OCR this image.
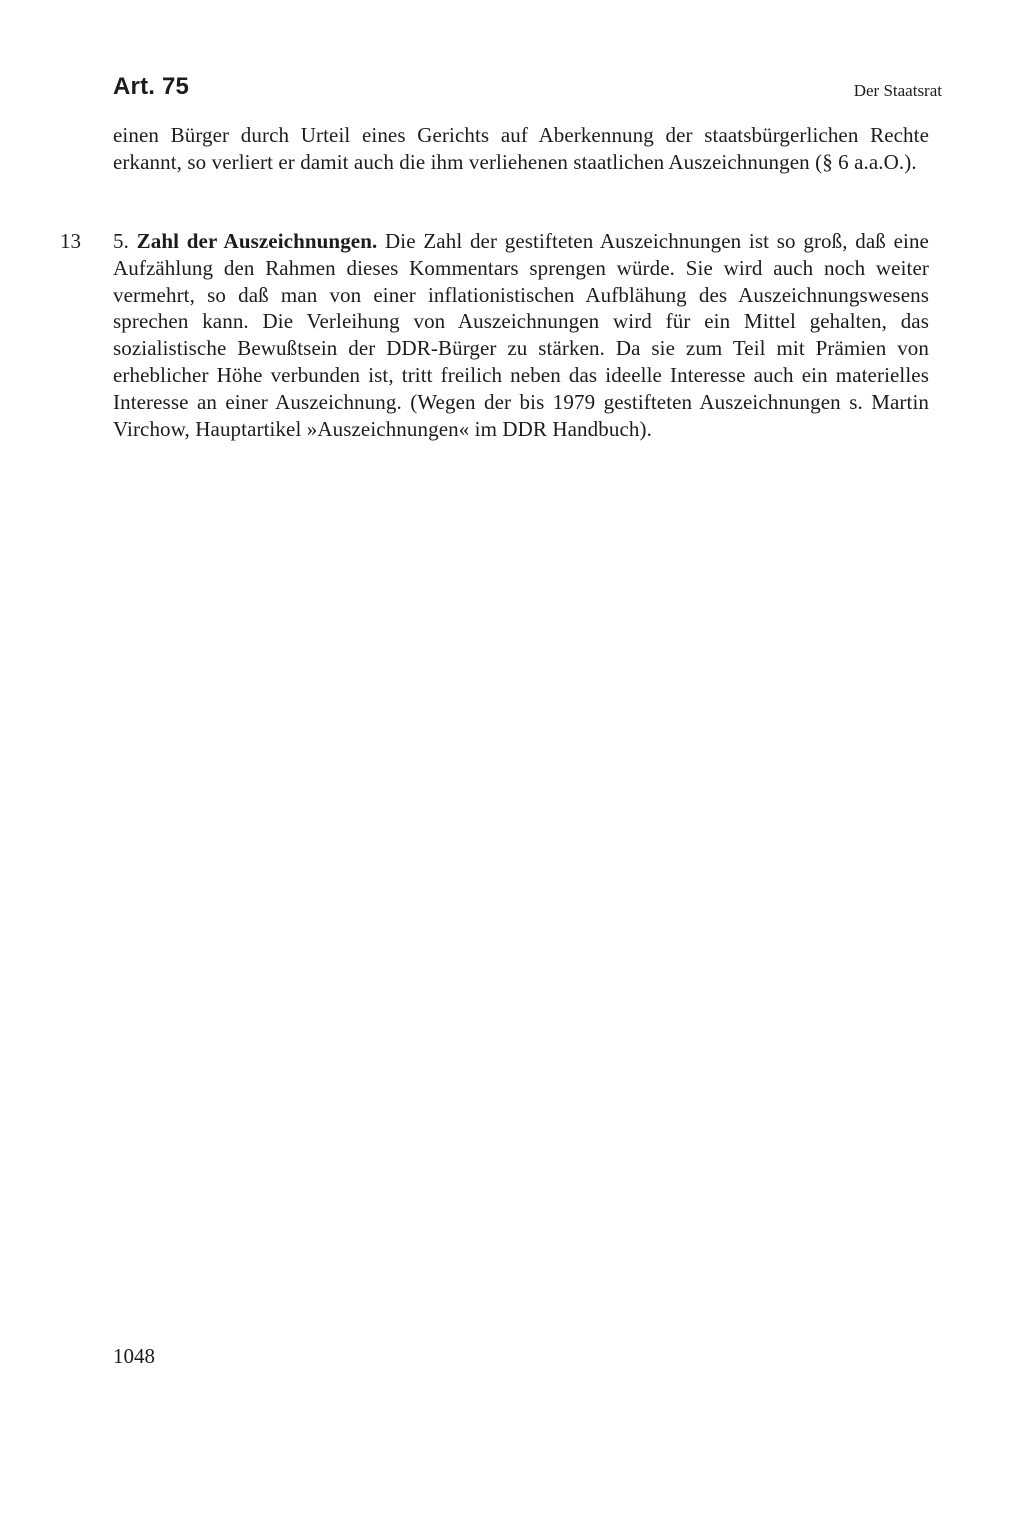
Art. 75	Der Staatsrat

einen Bürger durch Urteil eines Gerichts auf Aberkennung der staatsbürgerlichen Rechte erkannt, so verliert er damit auch die ihm verliehenen staatlichen Auszeichnungen (§ 6 a.a.O.).

13 5. Zahl der Auszeichnungen. Die Zahl der gestifteten Auszeichnungen ist so groß, daß eine Aufzählung den Rahmen dieses Kommentars sprengen würde. Sie wird auch noch weiter vermehrt, so daß man von einer inflationistischen Aufblähung des Auszeichnungswesens sprechen kann. Die Verleihung von Auszeichnungen wird für ein Mittel gehalten, das sozialistische Bewußtsein der DDR-Bürger zu stärken. Da sie zum Teil mit Prämien von erheblicher Höhe verbunden ist, tritt freilich neben das ideelle Interesse auch ein materielles Interesse an einer Auszeichnung. (Wegen der bis 1979 gestifteten Auszeichnungen s. Martin Virchow, Hauptartikel »Auszeichnungen« im DDR Handbuch).

1048
